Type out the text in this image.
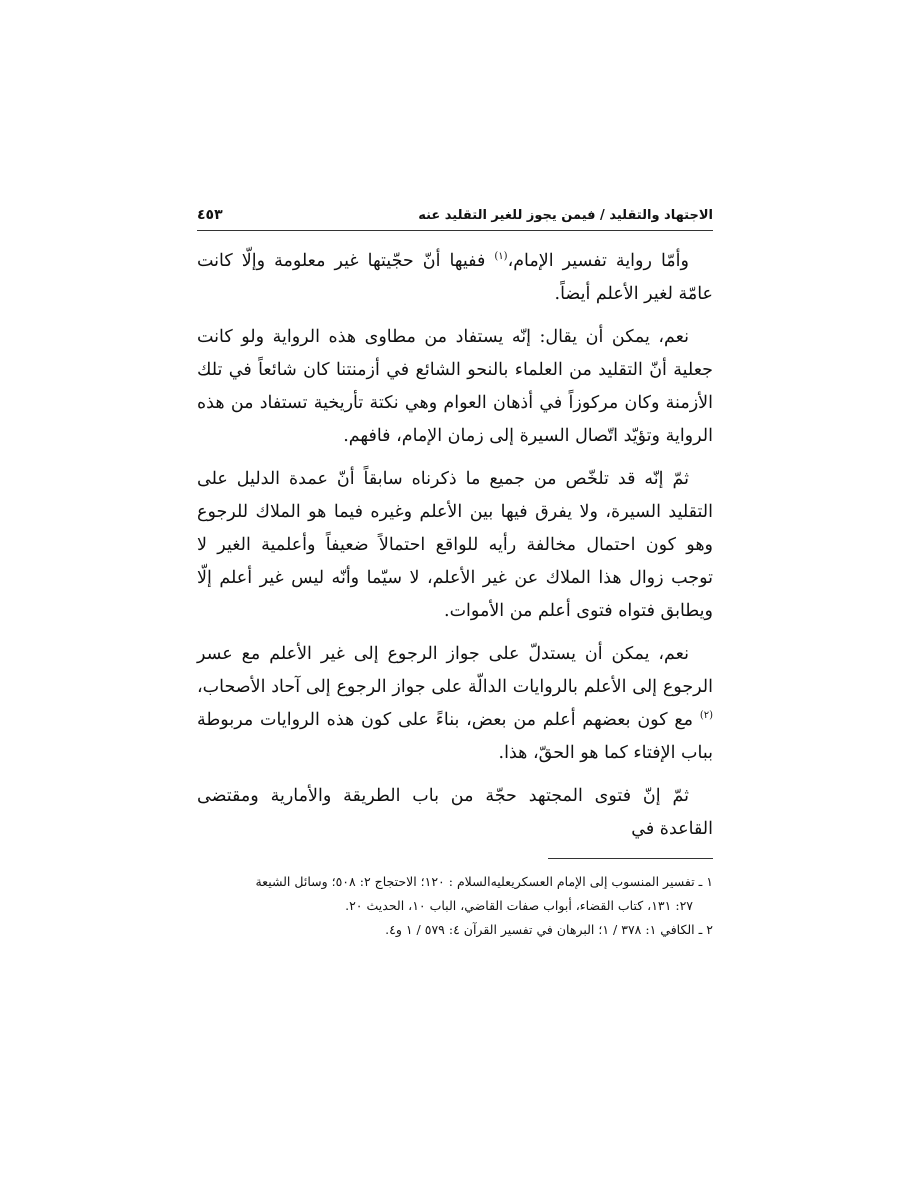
الاجتهاد والتقليد / فيمن يجوز للغير التقليد عنه
٤٥٣

وأمّا رواية تفسير الإمام،$^{(١)}$ ففيها أنّ حجّيتها غير معلومة وإلّا كانت عامّة لغير الأعلم أيضاً.

نعم، يمكن أن يقال: إنّه يستفاد من مطاوى هذه الرواية ولو كانت جعلية أنّ التقليد من العلماء بالنحو الشائع في أزمنتنا كان شائعاً في تلك الأزمنة وكان مركوزاً في أذهان العوام وهي نكتة تأريخية تستفاد من هذه الرواية وتؤيّد اتّصال السيرة إلى زمان الإمام، فافهم.

ثمّ إنّه قد تلخّص من جميع ما ذكرناه سابقاً أنّ عمدة الدليل على التقليد السيرة، ولا يفرق فيها بين الأعلم وغيره فيما هو الملاك للرجوع وهو كون احتمال مخالفة رأيه للواقع احتمالاً ضعيفاً وأعلمية الغير لا توجب زوال هذا الملاك عن غير الأعلم، لا سيّما وأنّه ليس غير أعلم إلّا ويطابق فتواه فتوى أعلم من الأموات.

نعم، يمكن أن يستدلّ على جواز الرجوع إلى غير الأعلم مع عسر الرجوع إلى الأعلم بالروايات الدالّة على جواز الرجوع إلى آحاد الأصحاب،$^{(٢)}$ مع كون بعضهم أعلم من بعض، بناءً على كون هذه الروايات مربوطة بباب الإفتاء كما هو الحقّ، هذا.

ثمّ إنّ فتوى المجتهد حجّة من باب الطريقة والأمارية ومقتضى القاعدة في

١ ـ تفسير المنسوب إلى الإمام العسكريعليه‌السلام : ١٢٠؛ الاحتجاج ٢: ٥٠٨؛ وسائل الشيعة

٢٧: ١٣١، كتاب القضاء، أبواب صفات القاضي، الباب ١٠، الحديث ٢٠.

٢ ـ الكافي ١: ٣٧٨ / ١؛ البرهان في تفسير القرآن ٤: ٥٧٩ / ١ و٤.
